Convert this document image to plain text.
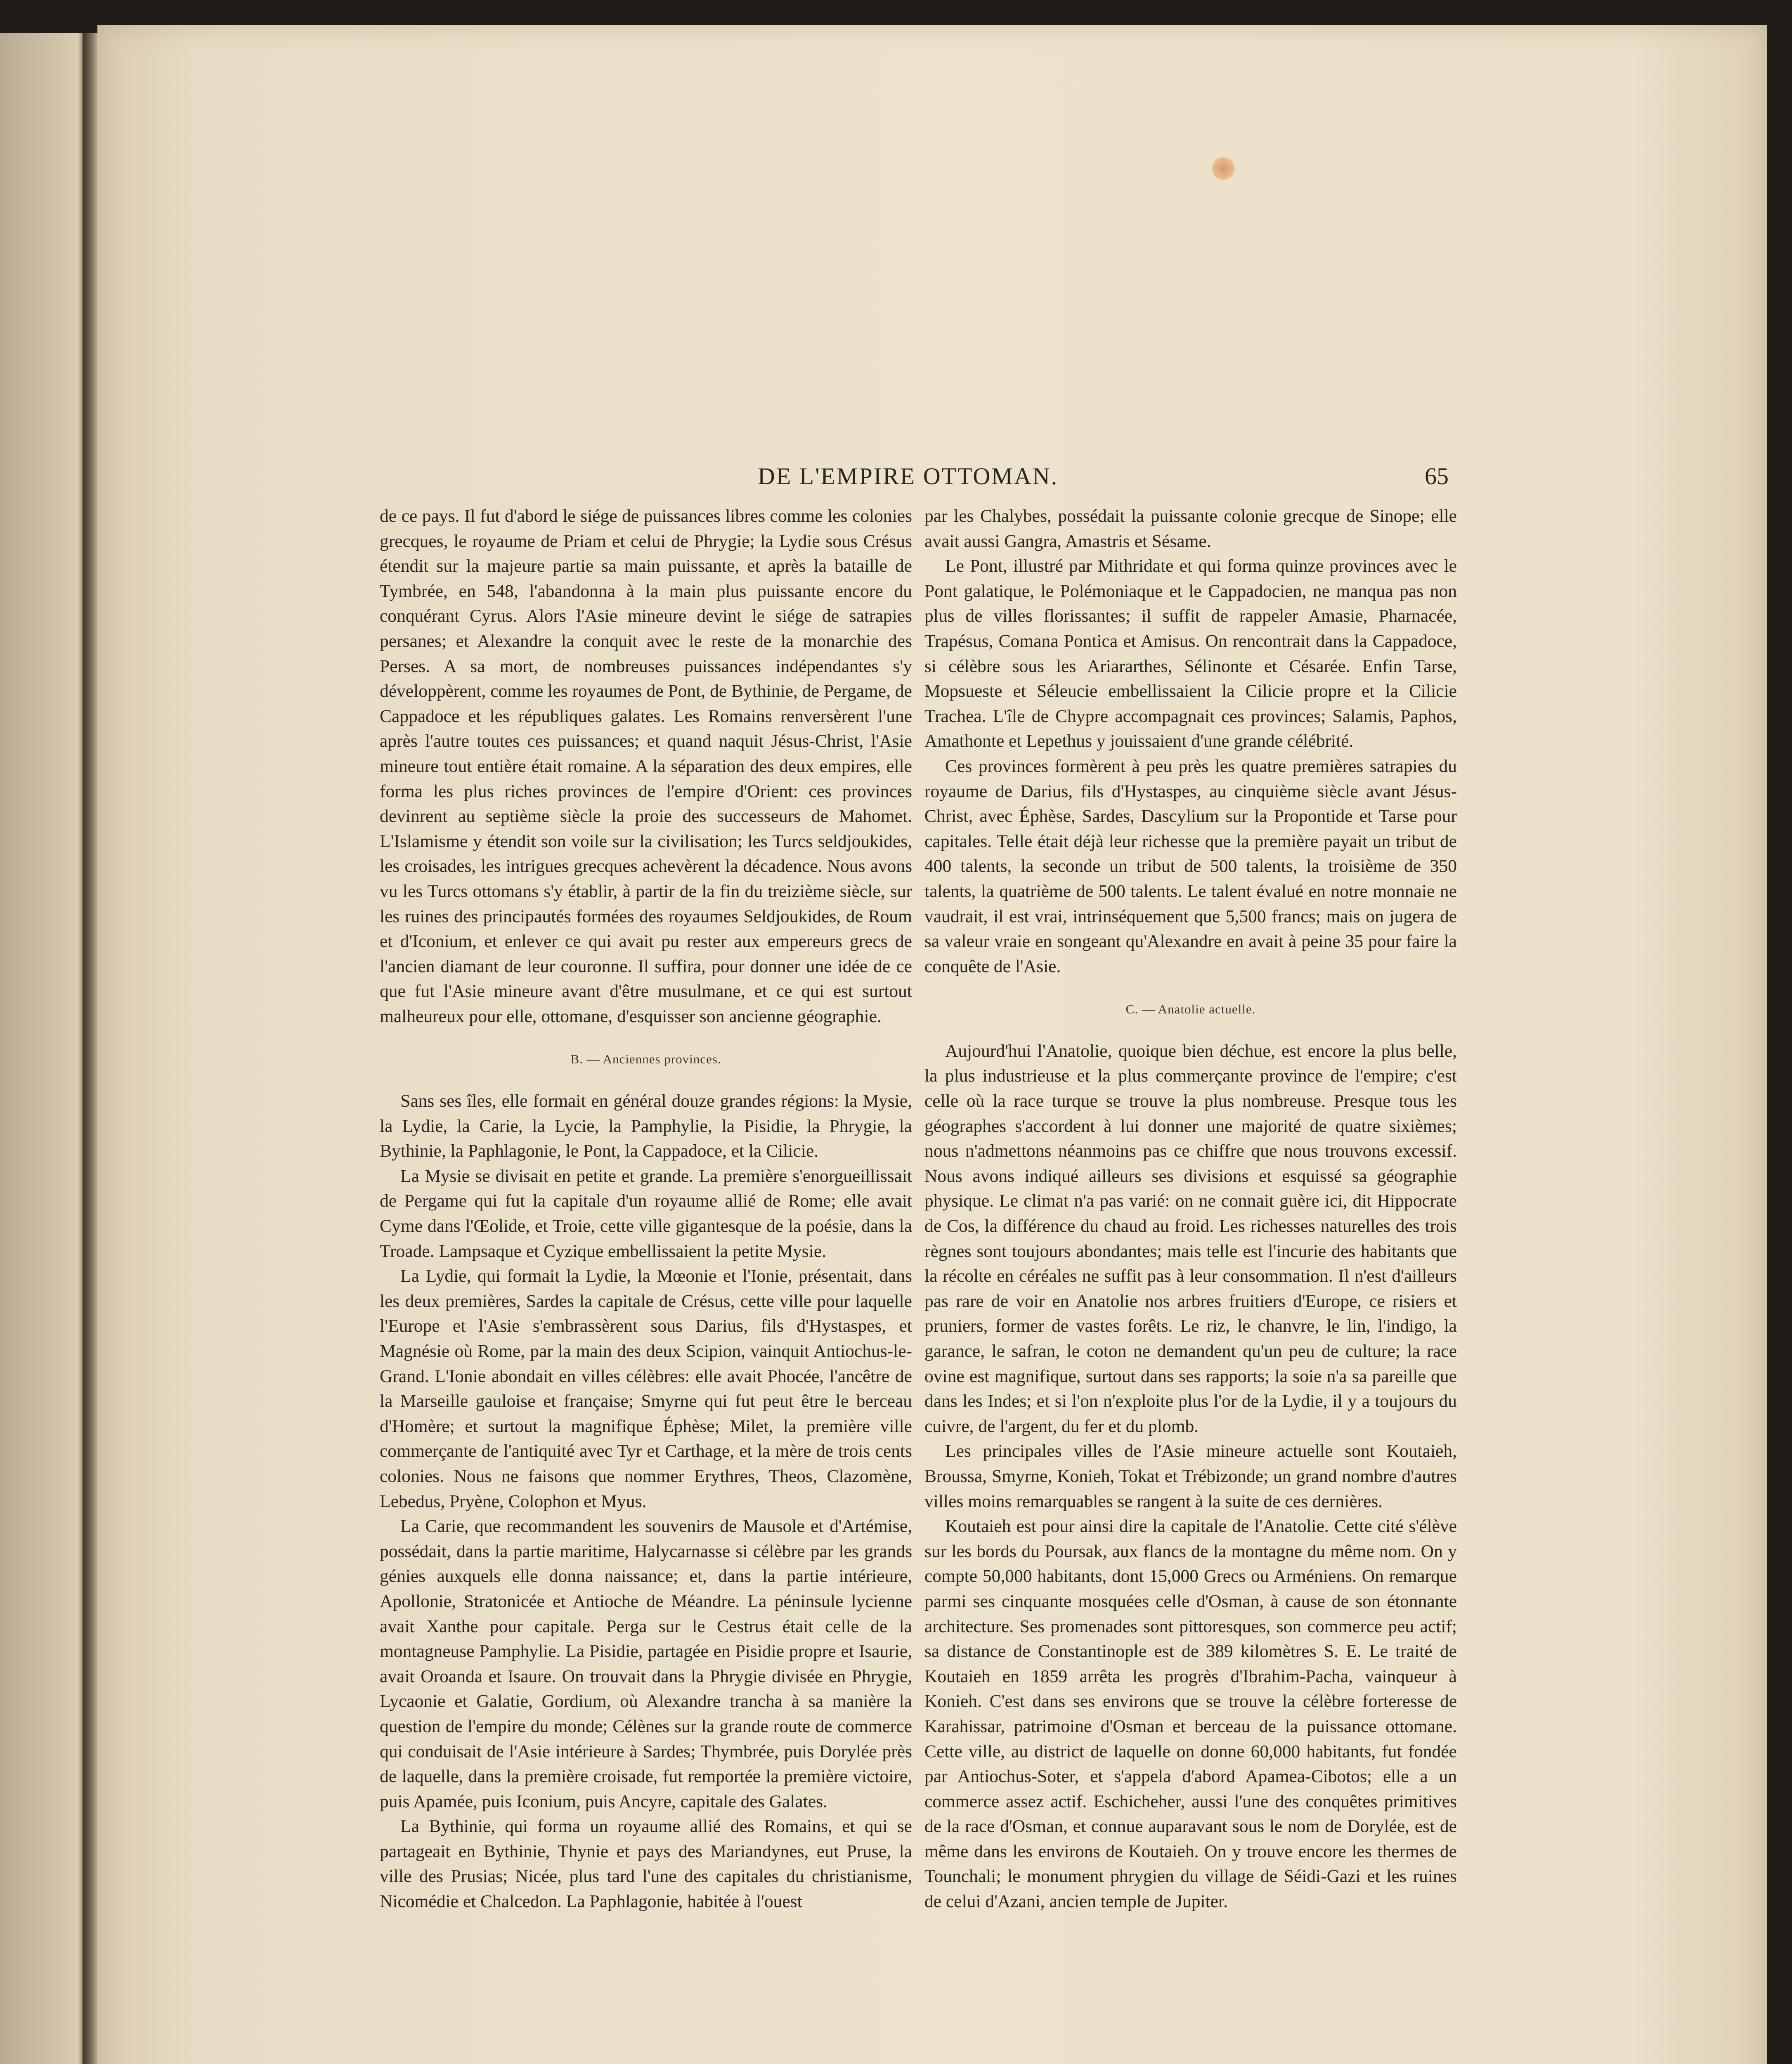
DE L'EMPIRE OTTOMAN.	65

de ce pays. Il fut d'abord le siége de puissances libres comme les colonies grecques, le royaume de Priam et celui de Phrygie; la Lydie sous Crésus étendit sur la majeure partie sa main puissante, et après la bataille de Tymbrée, en 548, l'abandonna à la main plus puissante encore du conquérant Cyrus. Alors l'Asie mineure devint le siége de satrapies persanes; et Alexandre la conquit avec le reste de la monarchie des Perses. A sa mort, de nombreuses puissances indépendantes s'y développèrent, comme les royaumes de Pont, de Bythinie, de Pergame, de Cappadoce et les républiques galates. Les Romains renversèrent l'une après l'autre toutes ces puissances; et quand naquit Jésus-Christ, l'Asie mineure tout entière était romaine. A la séparation des deux empires, elle forma les plus riches provinces de l'empire d'Orient: ces provinces devinrent au septième siècle la proie des successeurs de Mahomet. L'Islamisme y étendit son voile sur la civilisation; les Turcs seldjoukides, les croisades, les intrigues grecques achevèrent la décadence. Nous avons vu les Turcs ottomans s'y établir, à partir de la fin du treizième siècle, sur les ruines des principautés formées des royaumes Seldjoukides, de Roum et d'Iconium, et enlever ce qui avait pu rester aux empereurs grecs de l'ancien diamant de leur couronne. Il suffira, pour donner une idée de ce que fut l'Asie mineure avant d'être musulmane, et ce qui est surtout malheureux pour elle, ottomane, d'esquisser son ancienne géographie.

B. — Anciennes provinces.

Sans ses îles, elle formait en général douze grandes régions: la Mysie, la Lydie, la Carie, la Lycie, la Pamphylie, la Pisidie, la Phrygie, la Bythinie, la Paphlagonie, le Pont, la Cappadoce, et la Cilicie.

La Mysie se divisait en petite et grande. La première s'enorgueillissait de Pergame qui fut la capitale d'un royaume allié de Rome; elle avait Cyme dans l'Œolide, et Troie, cette ville gigantesque de la poésie, dans la Troade. Lampsaque et Cyzique embellissaient la petite Mysie.

La Lydie, qui formait la Lydie, la Mœonie et l'Ionie, présentait, dans les deux premières, Sardes la capitale de Crésus, cette ville pour laquelle l'Europe et l'Asie s'embrassèrent sous Darius, fils d'Hystaspes, et Magnésie où Rome, par la main des deux Scipion, vainquit Antiochus-le-Grand. L'Ionie abondait en villes célèbres: elle avait Phocée, l'ancêtre de la Marseille gauloise et française; Smyrne qui fut peut être le berceau d'Homère; et surtout la magnifique Éphèse; Milet, la première ville commerçante de l'antiquité avec Tyr et Carthage, et la mère de trois cents colonies. Nous ne faisons que nommer Erythres, Theos, Clazomène, Lebedus, Pryène, Colophon et Myus.

La Carie, que recommandent les souvenirs de Mausole et d'Artémise, possédait, dans la partie maritime, Halycarnasse si célèbre par les grands génies auxquels elle donna naissance; et, dans la partie intérieure, Apollonie, Stratonicée et Antioche de Méandre. La péninsule lycienne avait Xanthe pour capitale. Perga sur le Cestrus était celle de la montagneuse Pamphylie. La Pisidie, partagée en Pisidie propre et Isaurie, avait Oroanda et Isaure. On trouvait dans la Phrygie divisée en Phrygie, Lycaonie et Galatie, Gordium, où Alexandre trancha à sa manière la question de l'empire du monde; Célènes sur la grande route de commerce qui conduisait de l'Asie intérieure à Sardes; Thymbrée, puis Dorylée près de laquelle, dans la première croisade, fut remportée la première victoire, puis Apamée, puis Iconium, puis Ancyre, capitale des Galates.

La Bythinie, qui forma un royaume allié des Romains, et qui se partageait en Bythinie, Thynie et pays des Mariandynes, eut Pruse, la ville des Prusias; Nicée, plus tard l'une des capitales du christianisme, Nicomédie et Chalcedon. La Paphlagonie, habitée à l'ouest

par les Chalybes, possédait la puissante colonie grecque de Sinope; elle avait aussi Gangra, Amastris et Sésame.

Le Pont, illustré par Mithridate et qui forma quinze provinces avec le Pont galatique, le Polémoniaque et le Cappadocien, ne manqua pas non plus de villes florissantes; il suffit de rappeler Amasie, Pharnacée, Trapésus, Comana Pontica et Amisus. On rencontrait dans la Cappadoce, si célèbre sous les Ariararthes, Sélinonte et Césarée. Enfin Tarse, Mopsueste et Séleucie embellissaient la Cilicie propre et la Cilicie Trachea. L'île de Chypre accompagnait ces provinces; Salamis, Paphos, Amathonte et Lepethus y jouissaient d'une grande célébrité.

Ces provinces formèrent à peu près les quatre premières satrapies du royaume de Darius, fils d'Hystaspes, au cinquième siècle avant Jésus-Christ, avec Éphèse, Sardes, Dascylium sur la Propontide et Tarse pour capitales. Telle était déjà leur richesse que la première payait un tribut de 400 talents, la seconde un tribut de 500 talents, la troisième de 350 talents, la quatrième de 500 talents. Le talent évalué en notre monnaie ne vaudrait, il est vrai, intrinséquement que 5,500 francs; mais on jugera de sa valeur vraie en songeant qu'Alexandre en avait à peine 35 pour faire la conquête de l'Asie.

C. — Anatolie actuelle.

Aujourd'hui l'Anatolie, quoique bien déchue, est encore la plus belle, la plus industrieuse et la plus commerçante province de l'empire; c'est celle où la race turque se trouve la plus nombreuse. Presque tous les géographes s'accordent à lui donner une majorité de quatre sixièmes; nous n'admettons néanmoins pas ce chiffre que nous trouvons excessif. Nous avons indiqué ailleurs ses divisions et esquissé sa géographie physique. Le climat n'a pas varié: on ne connait guère ici, dit Hippocrate de Cos, la différence du chaud au froid. Les richesses naturelles des trois règnes sont toujours abondantes; mais telle est l'incurie des habitants que la récolte en céréales ne suffit pas à leur consommation. Il n'est d'ailleurs pas rare de voir en Anatolie nos arbres fruitiers d'Europe, ce risiers et pruniers, former de vastes forêts. Le riz, le chanvre, le lin, l'indigo, la garance, le safran, le coton ne demandent qu'un peu de culture; la race ovine est magnifique, surtout dans ses rapports; la soie n'a sa pareille que dans les Indes; et si l'on n'exploite plus l'or de la Lydie, il y a toujours du cuivre, de l'argent, du fer et du plomb.

Les principales villes de l'Asie mineure actuelle sont Koutaieh, Broussa, Smyrne, Konieh, Tokat et Trébizonde; un grand nombre d'autres villes moins remarquables se rangent à la suite de ces dernières.

Koutaieh est pour ainsi dire la capitale de l'Anatolie. Cette cité s'élève sur les bords du Poursak, aux flancs de la montagne du même nom. On y compte 50,000 habitants, dont 15,000 Grecs ou Arméniens. On remarque parmi ses cinquante mosquées celle d'Osman, à cause de son étonnante architecture. Ses promenades sont pittoresques, son commerce peu actif; sa distance de Constantinople est de 389 kilomètres S. E. Le traité de Koutaieh en 1859 arrêta les progrès d'Ibrahim-Pacha, vainqueur à Konieh. C'est dans ses environs que se trouve la célèbre forteresse de Karahissar, patrimoine d'Osman et berceau de la puissance ottomane. Cette ville, au district de laquelle on donne 60,000 habitants, fut fondée par Antiochus-Soter, et s'appela d'abord Apamea-Cibotos; elle a un commerce assez actif. Eschicheher, aussi l'une des conquêtes primitives de la race d'Osman, et connue auparavant sous le nom de Dorylée, est de même dans les environs de Koutaieh. On y trouve encore les thermes de Tounchali; le monument phrygien du village de Séidi-Gazi et les ruines de celui d'Azani, ancien temple de Jupiter.
